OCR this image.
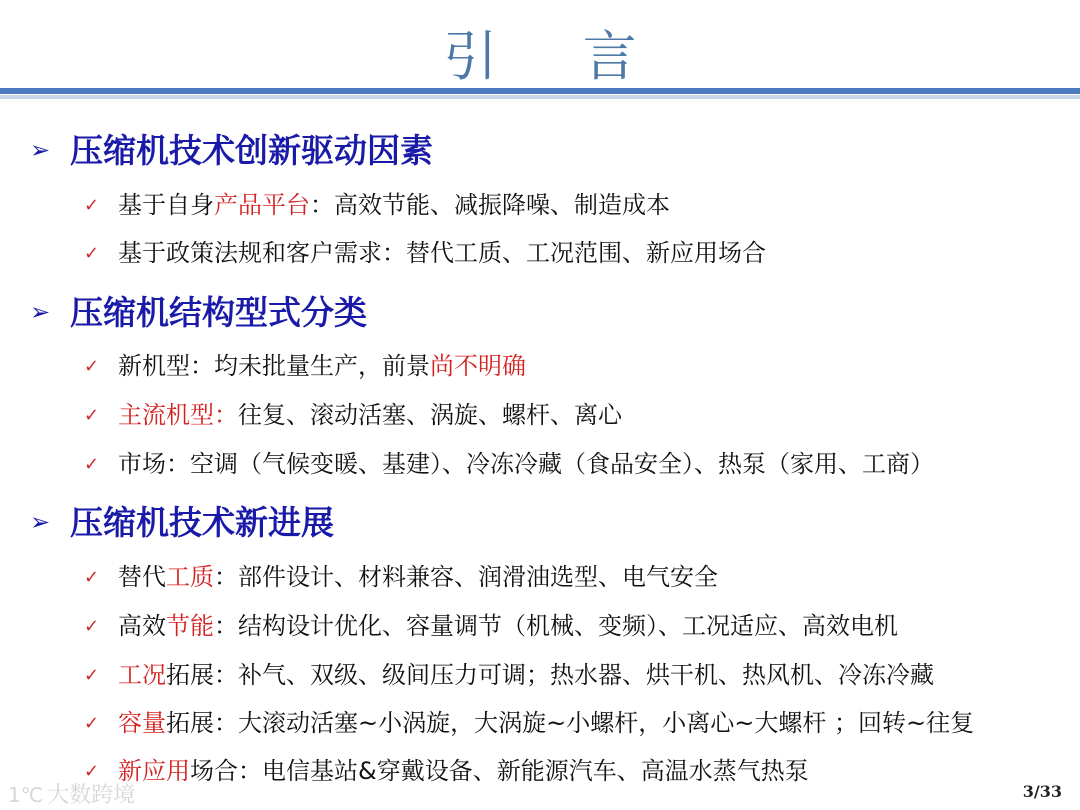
引 言
➢ 压缩机技术创新驱动因素
✓ 基于自身产品平台：高效节能、减振降噪、制造成本
✓ 基于政策法规和客户需求：替代工质、工况范围、新应用场合
➢ 压缩机结构型式分类
✓ 新机型：均未批量生产，前景尚不明确
✓ 主流机型：往复、滚动活塞、涡旋、螺杆、离心
✓ 市场：空调（气候变暖、基建）、冷冻冷藏（食品安全）、热泵（家用、工商）
➢ 压缩机技术新进展
✓ 替代工质：部件设计、材料兼容、润滑油选型、电气安全
✓ 高效节能：结构设计优化、容量调节（机械、变频）、工况适应、高效电机
✓ 工况拓展：补气、双级、级间压力可调；热水器、烘干机、热风机、冷冻冷藏
✓ 容量拓展：大滚动活塞~小涡旋，大涡旋~小螺杆，小离心~大螺杆 ；回转~往复
✓ 新应用场合：电信基站&穿戴设备、新能源汽车、高温水蒸气热泵
1℃ 大数跨境	3/33
